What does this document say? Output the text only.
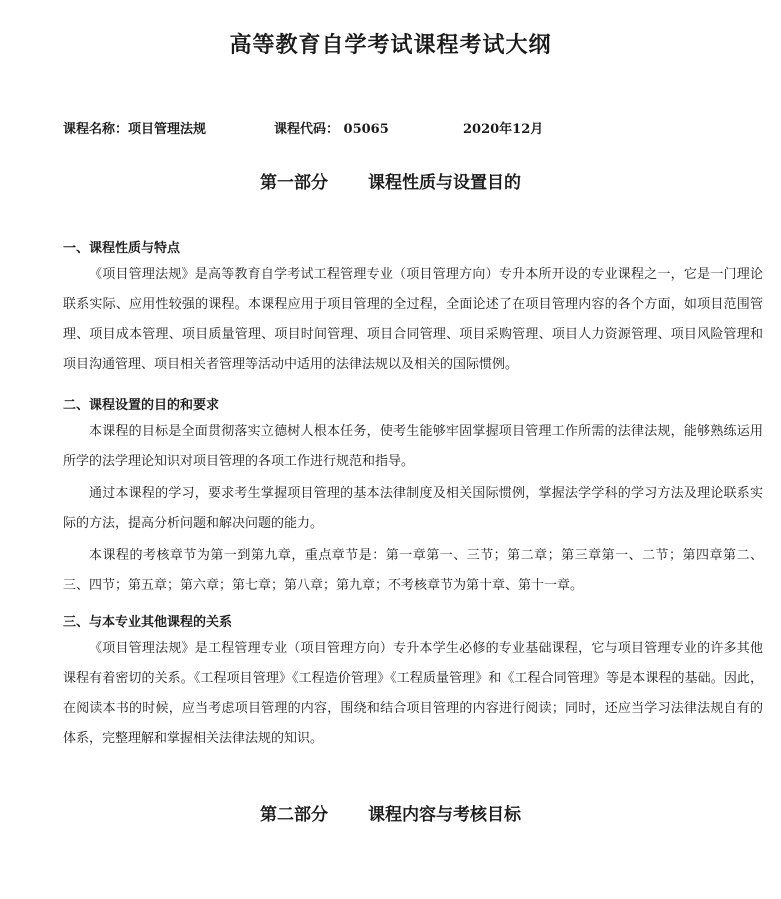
高等教育自学考试课程考试大纲
课程名称：项目管理法规	课程代码： 05065	2020年12月
第一部分 课程性质与设置目的
一、课程性质与特点
《项目管理法规》是高等教育自学考试工程管理专业（项目管理方向）专升本所开设的专业课程之一，它是一门理论联系实际、应用性较强的课程。本课程应用于项目管理的全过程，全面论述了在项目管理内容的各个方面，如项目范围管理、项目成本管理、项目质量管理、项目时间管理、项目合同管理、项目采购管理、项目人力资源管理、项目风险管理和项目沟通管理、项目相关者管理等活动中适用的法律法规以及相关的国际惯例。
二、课程设置的目的和要求
本课程的目标是全面贯彻落实立德树人根本任务，使考生能够牢固掌握项目管理工作所需的法律法规，能够熟练运用所学的法学理论知识对项目管理的各项工作进行规范和指导。
通过本课程的学习，要求考生掌握项目管理的基本法律制度及相关国际惯例，掌握法学学科的学习方法及理论联系实际的方法，提高分析问题和解决问题的能力。
本课程的考核章节为第一到第九章，重点章节是：第一章第一、三节；第二章；第三章第一、二节；第四章第二、三、四节；第五章；第六章；第七章；第八章；第九章；不考核章节为第十章、第十一章。
三、与本专业其他课程的关系
《项目管理法规》是工程管理专业（项目管理方向）专升本学生必修的专业基础课程，它与项目管理专业的许多其他课程有着密切的关系。《工程项目管理》《工程造价管理》《工程质量管理》和《工程合同管理》等是本课程的基础。因此，在阅读本书的时候，应当考虑项目管理的内容，围绕和结合项目管理的内容进行阅读；同时，还应当学习法律法规自有的体系，完整理解和掌握相关法律法规的知识。
第二部分 课程内容与考核目标
